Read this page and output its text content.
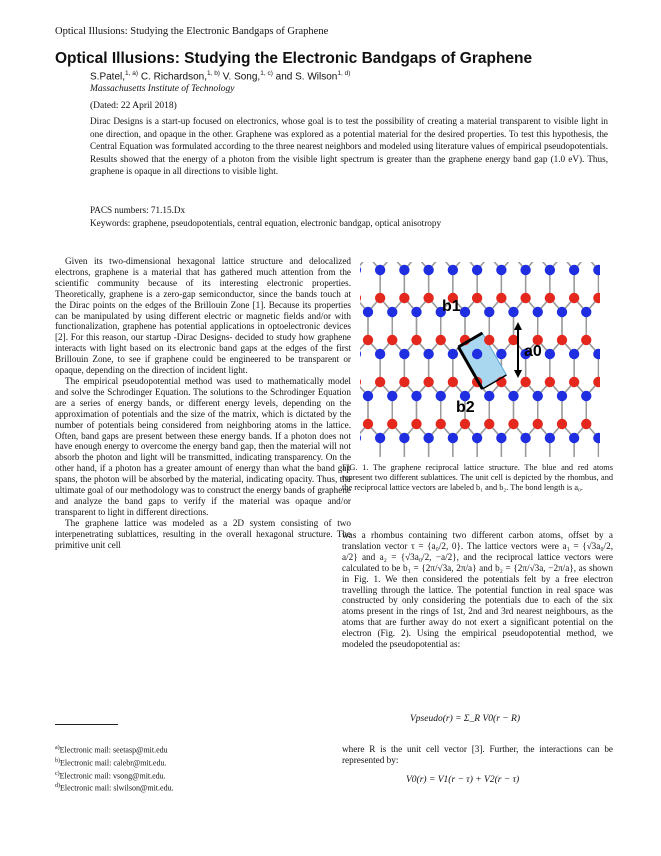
Optical Illusions: Studying the Electronic Bandgaps of Graphene
Optical Illusions: Studying the Electronic Bandgaps of Graphene
S.Patel,$^{1, a)}$ C. Richardson,$^{1, b)}$ V. Song,$^{1, c)}$ and S. Wilson$^{1, d)}$
Massachusetts Institute of Technology
(Dated: 22 April 2018)
Dirac Designs is a start-up focused on electronics, whose goal is to test the possibility of creating a material transparent to visible light in one direction, and opaque in the other. Graphene was explored as a potential material for the desired properties. To test this hypothesis, the Central Equation was formulated according to the three nearest neighbors and modeled using literature values of empirical pseudopotentials. Results showed that the energy of a photon from the visible light spectrum is greater than the graphene energy band gap (1.0 eV). Thus, graphene is opaque in all directions to visible light.
PACS numbers: 71.15.Dx
Keywords: graphene, pseudopotentials, central equation, electronic bandgap, optical anisotropy

Given its two-dimensional hexagonal lattice structure and delocalized electrons, graphene is a material that has gathered much attention from the scientific community because of its interesting electronic properties. Theoretically, graphene is a zero-gap semiconductor, since the bands touch at the Dirac points on the edges of the Brillouin Zone [1]. Because its properties can be manipulated by using different electric or magnetic fields and/or with functionalization, graphene has potential applications in optoelectronic devices [2]. For this reason, our startup -Dirac Designs- decided to study how graphene interacts with light based on its electronic band gaps at the edges of the first Brillouin Zone, to see if graphene could be engineered to be transparent or opaque, depending on the direction of incident light.

The empirical pseudopotential method was used to mathematically model and solve the Schrodinger Equation. The solutions to the Schrodinger Equation are a series of energy bands, or different energy levels, depending on the approximation of potentials and the size of the matrix, which is dictated by the number of potentials being considered from neighboring atoms in the lattice. Often, band gaps are present between these energy bands. If a photon does not have enough energy to overcome the energy band gap, then the material will not absorb the photon and light will be transmitted, indicating transparency. On the other hand, if a photon has a greater amount of energy than what the band gap spans, the photon will be absorbed by the material, indicating opacity. Thus, the ultimate goal of our methodology was to construct the energy bands of graphene and analyze the band gaps to verify if the material was opaque and/or transparent to light in different directions.

The graphene lattice was modeled as a 2D system consisting of two interpenetrating sublattices, resulting in the overall hexagonal structure. The primitive unit cell

b1
b2
a0
FIG. 1. The graphene reciprocal lattice structure. The blue and red atoms represent two different sublattices. The unit cell is depicted by the rhombus, and the reciprocal lattice vectors are labeled b₁ and b₂. The bond length is a₀.

was a rhombus containing two different carbon atoms, offset by a translation vector τ = {a₀/2, 0}. The lattice vectors were a₁ = {√3a₀/2, a/2} and a₂ = {√3a₀/2, −a/2}, and the reciprocal lattice vectors were calculated to be b₁ = {2π/√3a, 2π/a} and b₂ = {2π/√3a, −2π/a}, as shown in Fig. 1. We then considered the potentials felt by a free electron travelling through the lattice. The potential function in real space was constructed by only considering the potentials due to each of the six atoms present in the rings of 1st, 2nd and 3rd nearest neighbours, as the atoms that are further away do not exert a significant potential on the electron (Fig. 2). Using the empirical pseudopotential method, we modeled the pseudopotential as:

Vpseudo(r) = Σ_R V0(r − R)

where R is the unit cell vector [3]. Further, the interactions can be represented by:

V0(r) = V1(r − τ) + V2(r − τ)
$^{a)}$Electronic mail: seetasp@mit.edu
$^{b)}$Electronic mail: calebr@mit.edu.
$^{c)}$Electronic mail: vsong@mit.edu.
$^{d)}$Electronic mail: slwilson@mit.edu.
